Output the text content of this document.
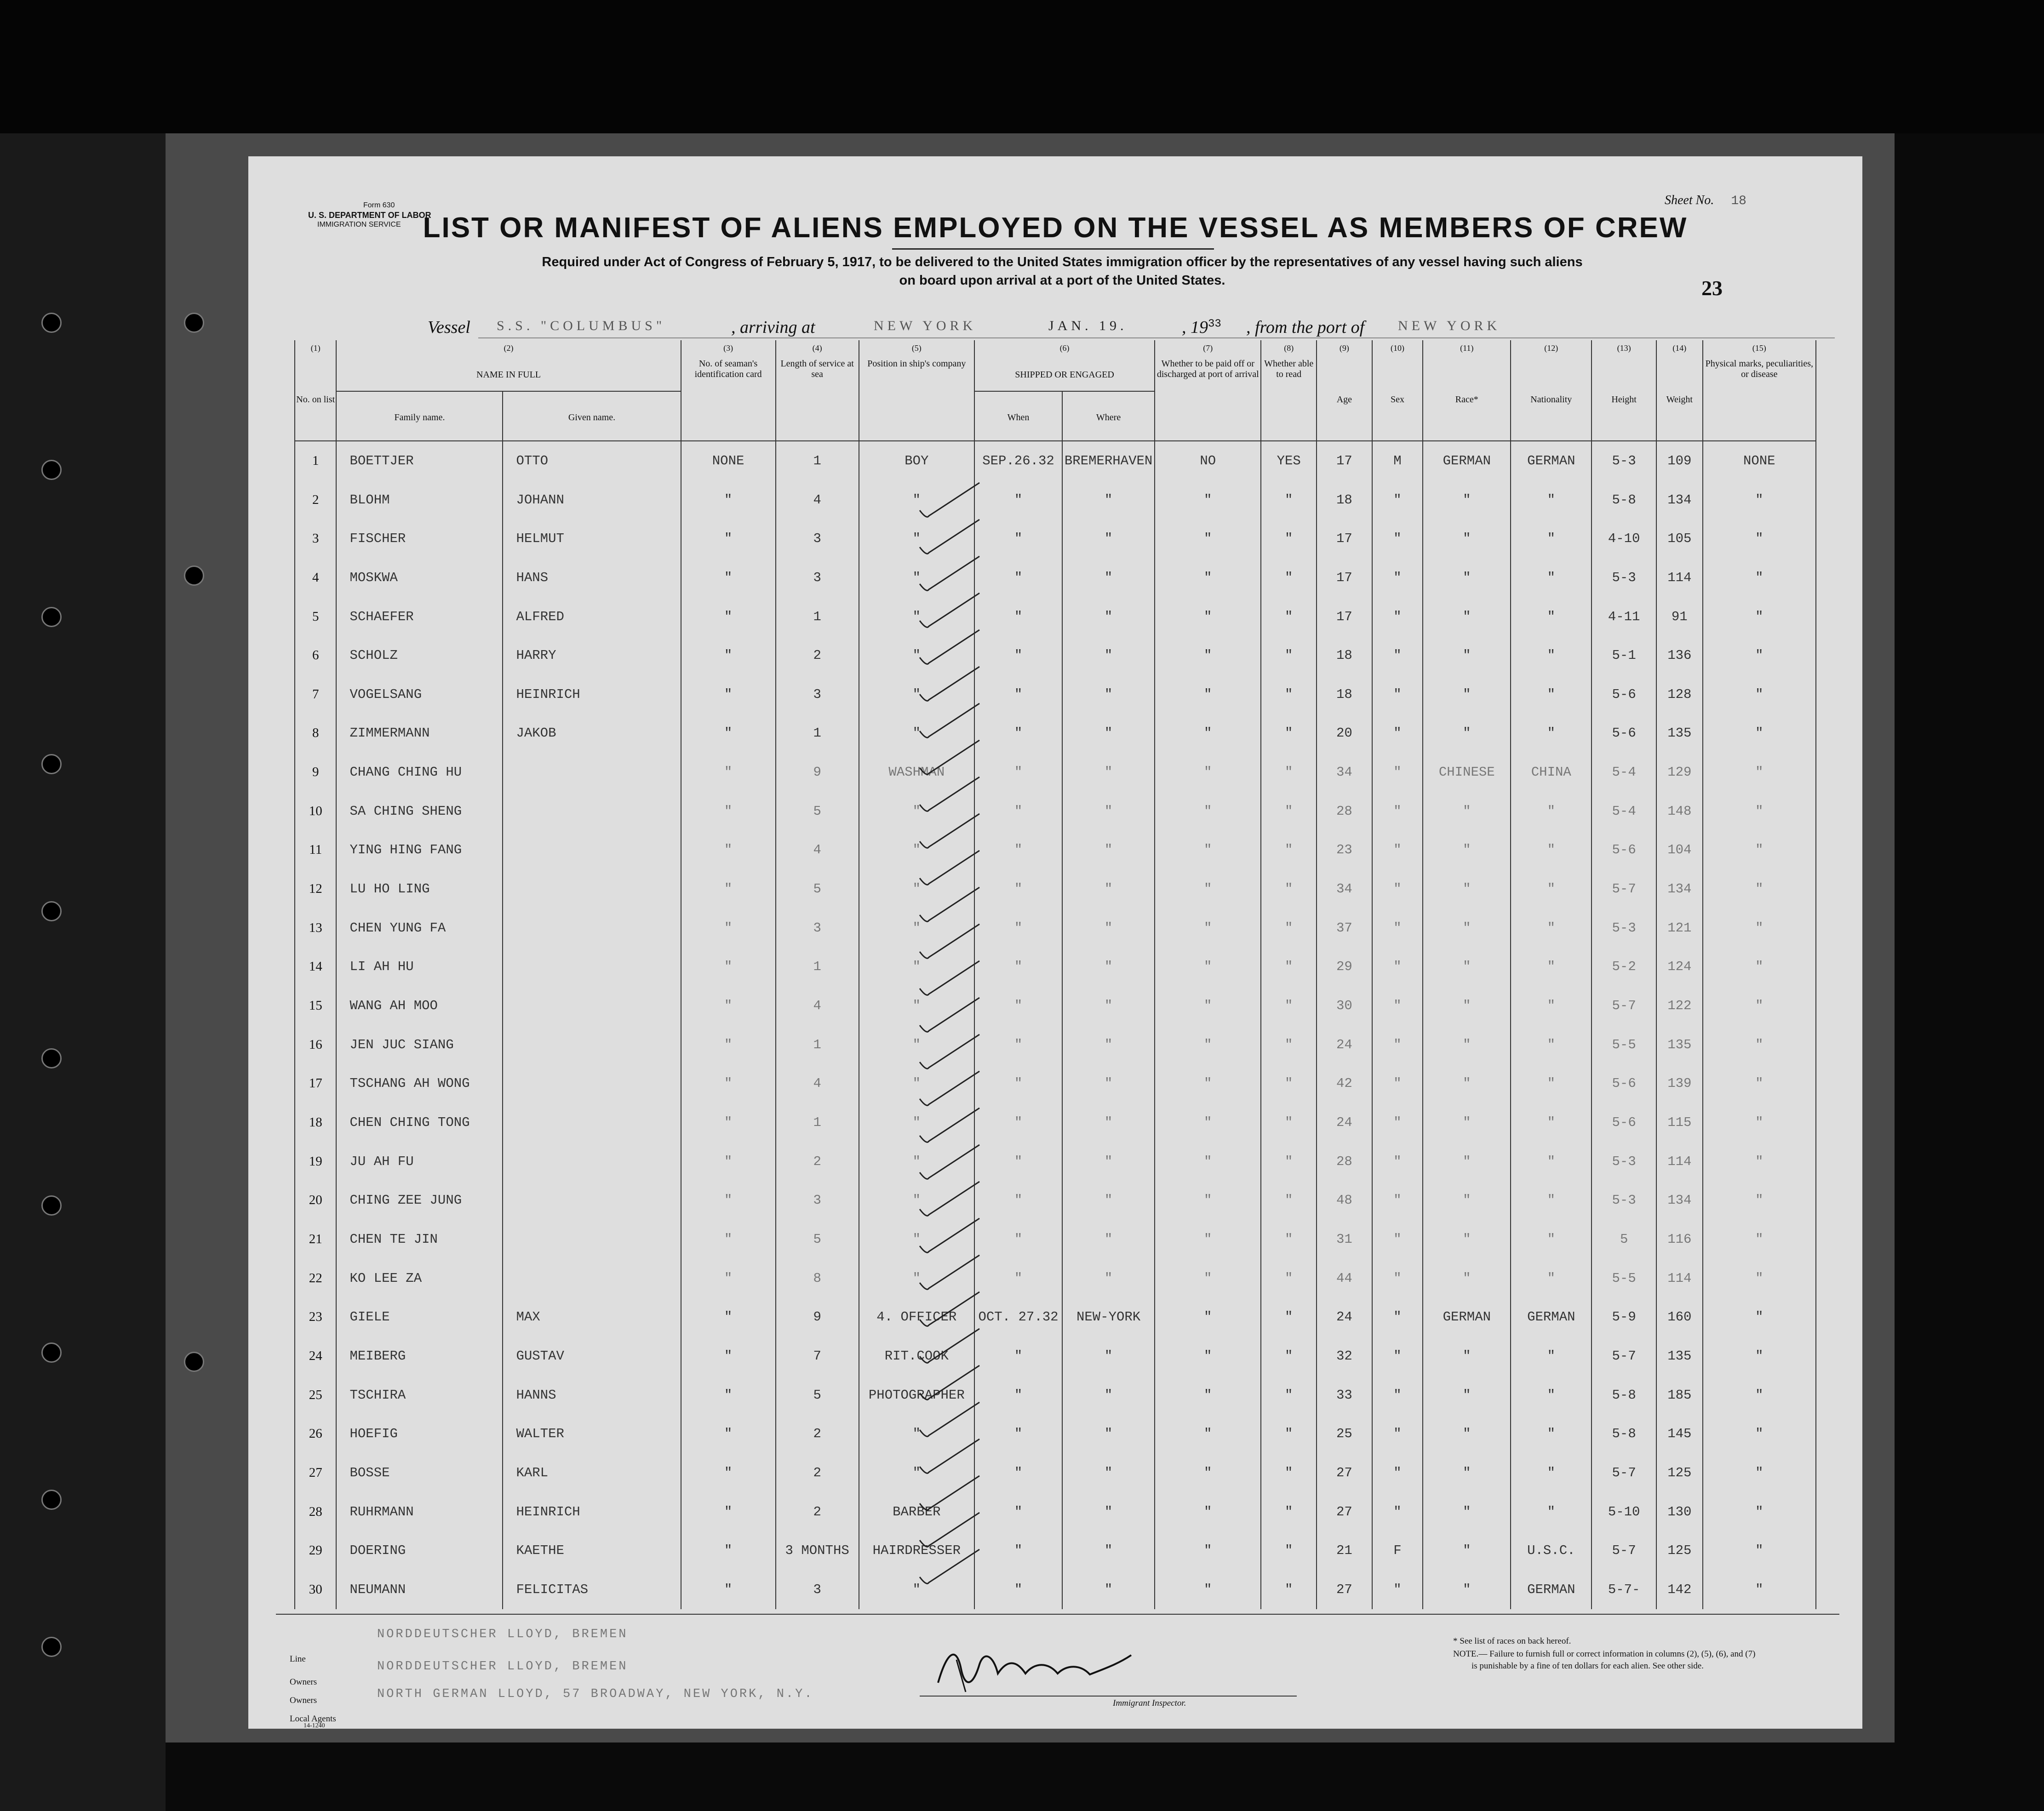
Form 630
U. S. DEPARTMENT OF LABOR
IMMIGRATION SERVICE
Sheet No. 18
23
LIST OR MANIFEST OF ALIENS EMPLOYED ON THE VESSEL AS MEMBERS OF CREW
Required under Act of Congress of February 5, 1917, to be delivered to the United States immigration officer by the representatives of any vessel having such aliens
on board upon arrival at a port of the United States.
Vessel S.S. "COLUMBUS"	, arriving at	NEW YORK	JAN. 19.	, $19^{33}$ , from the port of NEW YORK
(1)	(2)		(3)	(4)	(5)	(6)		(7)	(8)	(9)	(10)	(11)	(12)	(13)	(14)	(15)
No. on list	NAME IN FULL		No. of seaman's identification card	Length of service at sea	Position in ship's company	SHIPPED OR ENGAGED		Whether to be paid off or discharged at port of arrival	Whether able to read	Age	Sex	Race*	Nationality	Height	Weight	Physical marks, peculiarities, or disease
	Family name.	Given name.				When	Where									
1	BOETTJER	OTTO	NONE	1	BOY	SEP.26.32	BREMERHAVEN	NO	YES	17	M	GERMAN	GERMAN	5-3	109	NONE
2	BLOHM	JOHANN	"	4	"	"	"	"	"	18	"	"	"	5-8	134	"
3	FISCHER	HELMUT	"	3	"	"	"	"	"	17	"	"	"	4-10	105	"
4	MOSKWA	HANS	"	3	"	"	"	"	"	17	"	"	"	5-3	114	"
5	SCHAEFER	ALFRED	"	1	"	"	"	"	"	17	"	"	"	4-11	91	"
6	SCHOLZ	HARRY	"	2	"	"	"	"	"	18	"	"	"	5-1	136	"
7	VOGELSANG	HEINRICH	"	3	"	"	"	"	"	18	"	"	"	5-6	128	"
8	ZIMMERMANN	JAKOB	"	1	"	"	"	"	"	20	"	"	"	5-6	135	"
9	CHANG CHING HU		"	9	WASHMAN	"	"	"	"	34	"	CHINESE	CHINA	5-4	129	"
10	SA CHING SHENG		"	5	"	"	"	"	"	28	"	"	"	5-4	148	"
11	YING HING FANG		"	4	"	"	"	"	"	23	"	"	"	5-6	104	"
12	LU HO LING		"	5	"	"	"	"	"	34	"	"	"	5-7	134	"
13	CHEN YUNG FA		"	3	"	"	"	"	"	37	"	"	"	5-3	121	"
14	LI AH HU		"	1	"	"	"	"	"	29	"	"	"	5-2	124	"
15	WANG AH MOO		"	4	"	"	"	"	"	30	"	"	"	5-7	122	"
16	JEN JUC SIANG		"	1	"	"	"	"	"	24	"	"	"	5-5	135	"
17	TSCHANG AH WONG		"	4	"	"	"	"	"	42	"	"	"	5-6	139	"
18	CHEN CHING TONG		"	1	"	"	"	"	"	24	"	"	"	5-6	115	"
19	JU AH FU		"	2	"	"	"	"	"	28	"	"	"	5-3	114	"
20	CHING ZEE JUNG		"	3	"	"	"	"	"	48	"	"	"	5-3	134	"
21	CHEN TE JIN		"	5	"	"	"	"	"	31	"	"	"	5	116	"
22	KO LEE ZA		"	8	"	"	"	"	"	44	"	"	"	5-5	114	"
23	GIELE	MAX	"	9	4. OFFICER	OCT. 27.32	NEW-YORK	"	"	24	"	GERMAN	GERMAN	5-9	160	"
24	MEIBERG	GUSTAV	"	7	RIT.COOK	"	"	"	"	32	"	"	"	5-7	135	"
25	TSCHIRA	HANNS	"	5	PHOTOGRAPHER	"	"	"	"	33	"	"	"	5-8	185	"
26	HOEFIG	WALTER	"	2	"	"	"	"	"	25	"	"	"	5-8	145	"
27	BOSSE	KARL	"	2	"	"	"	"	"	27	"	"	"	5-7	125	"
28	RUHRMANN	HEINRICH	"	2	BARBER	"	"	"	"	27	"	"	"	5-10	130	"
29	DOERING	KAETHE	"	3 MONTHS	HAIRDRESSER	"	"	"	"	21	F	"	U.S.C.	5-7	125	"
30	NEUMANN	FELICITAS	"	3	"	"	"	"	"	27	"	"	GERMAN	5-7-	142	"
Line
NORDDEUTSCHER LLOYD, BREMEN
Owners
NORDDEUTSCHER LLOYD, BREMEN
Owners	NORTH GERMAN LLOYD, 57 BROADWAY, NEW YORK, N.Y.
Local Agents
14-1240
Immigrant Inspector.
* See list of races on back hereof.
NOTE.— Failure to furnish full or correct information in columns (2), (5), (6), and (7)
is punishable by a fine of ten dollars for each alien. See other side.
